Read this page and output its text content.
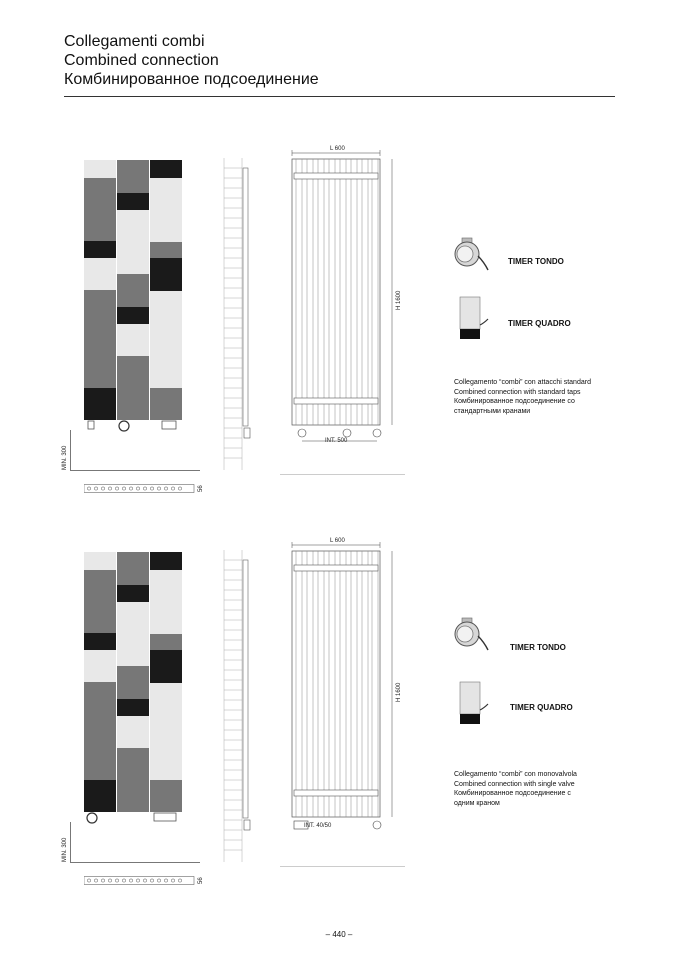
Collegamenti combi
Combined connection
Комбинированное подсоединение
MIN. 300
56
L 600
H 1600
INT. 500
TIMER TONDO
TIMER QUADRO
Collegamento “combi” con attacchi standard
Combined connection with standard taps
Комбинированное подсоединение со
стандартными кранами
MIN. 300
56
L 600
H 1600
INT. 40/50
TIMER TONDO
TIMER QUADRO
Collegamento “combi” con monovalvola
Combined connection with single valve
Комбинированное подсоединение с
одним краном
– 440 –
